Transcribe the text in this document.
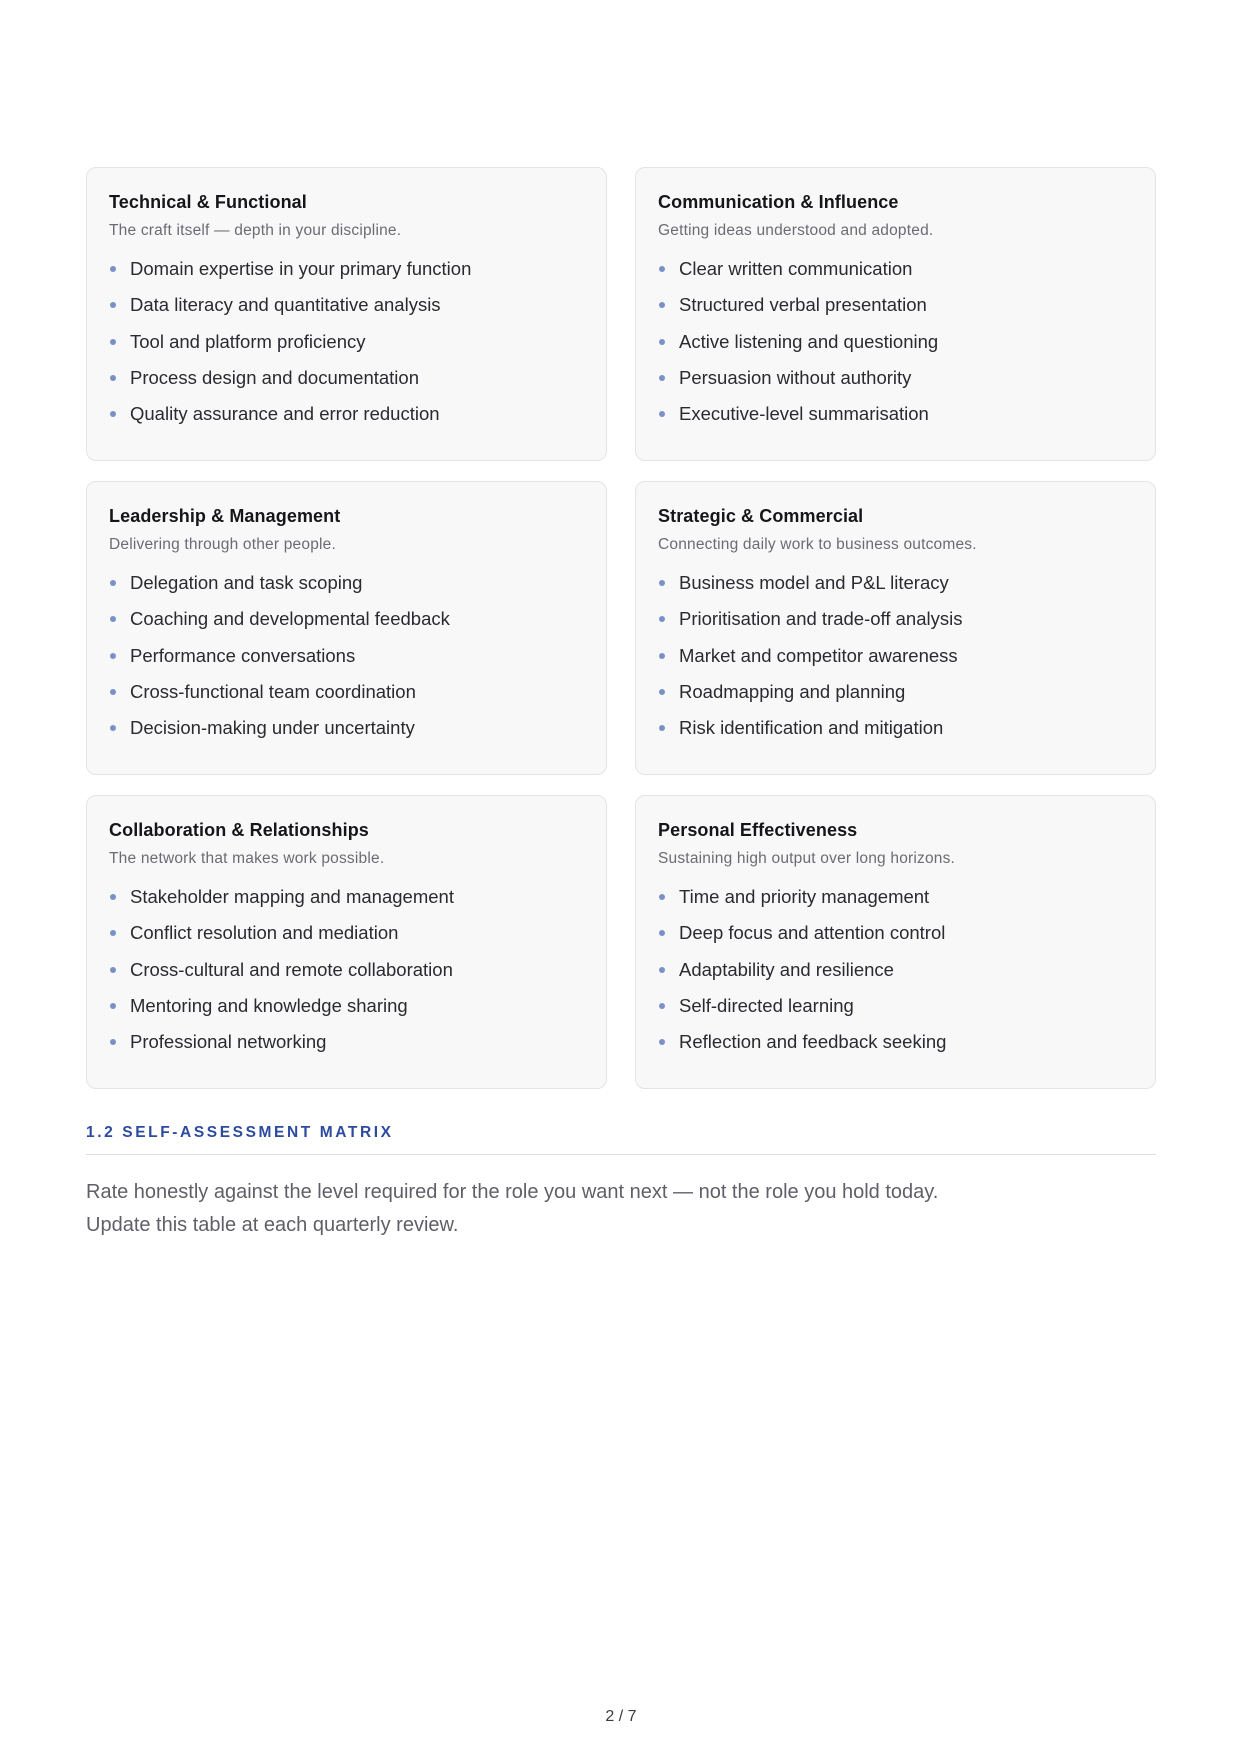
Technical & Functional
The craft itself — depth in your discipline.
Domain expertise in your primary function
Data literacy and quantitative analysis
Tool and platform proficiency
Process design and documentation
Quality assurance and error reduction
Communication & Influence
Getting ideas understood and adopted.
Clear written communication
Structured verbal presentation
Active listening and questioning
Persuasion without authority
Executive-level summarisation
Leadership & Management
Delivering through other people.
Delegation and task scoping
Coaching and developmental feedback
Performance conversations
Cross-functional team coordination
Decision-making under uncertainty
Strategic & Commercial
Connecting daily work to business outcomes.
Business model and P&L literacy
Prioritisation and trade-off analysis
Market and competitor awareness
Roadmapping and planning
Risk identification and mitigation
Collaboration & Relationships
The network that makes work possible.
Stakeholder mapping and management
Conflict resolution and mediation
Cross-cultural and remote collaboration
Mentoring and knowledge sharing
Professional networking
Personal Effectiveness
Sustaining high output over long horizons.
Time and priority management
Deep focus and attention control
Adaptability and resilience
Self-directed learning
Reflection and feedback seeking
1.2 SELF-ASSESSMENT MATRIX

Rate honestly against the level required for the role you want next — not the role you hold today. Update this table at each quarterly review.

2 / 7
